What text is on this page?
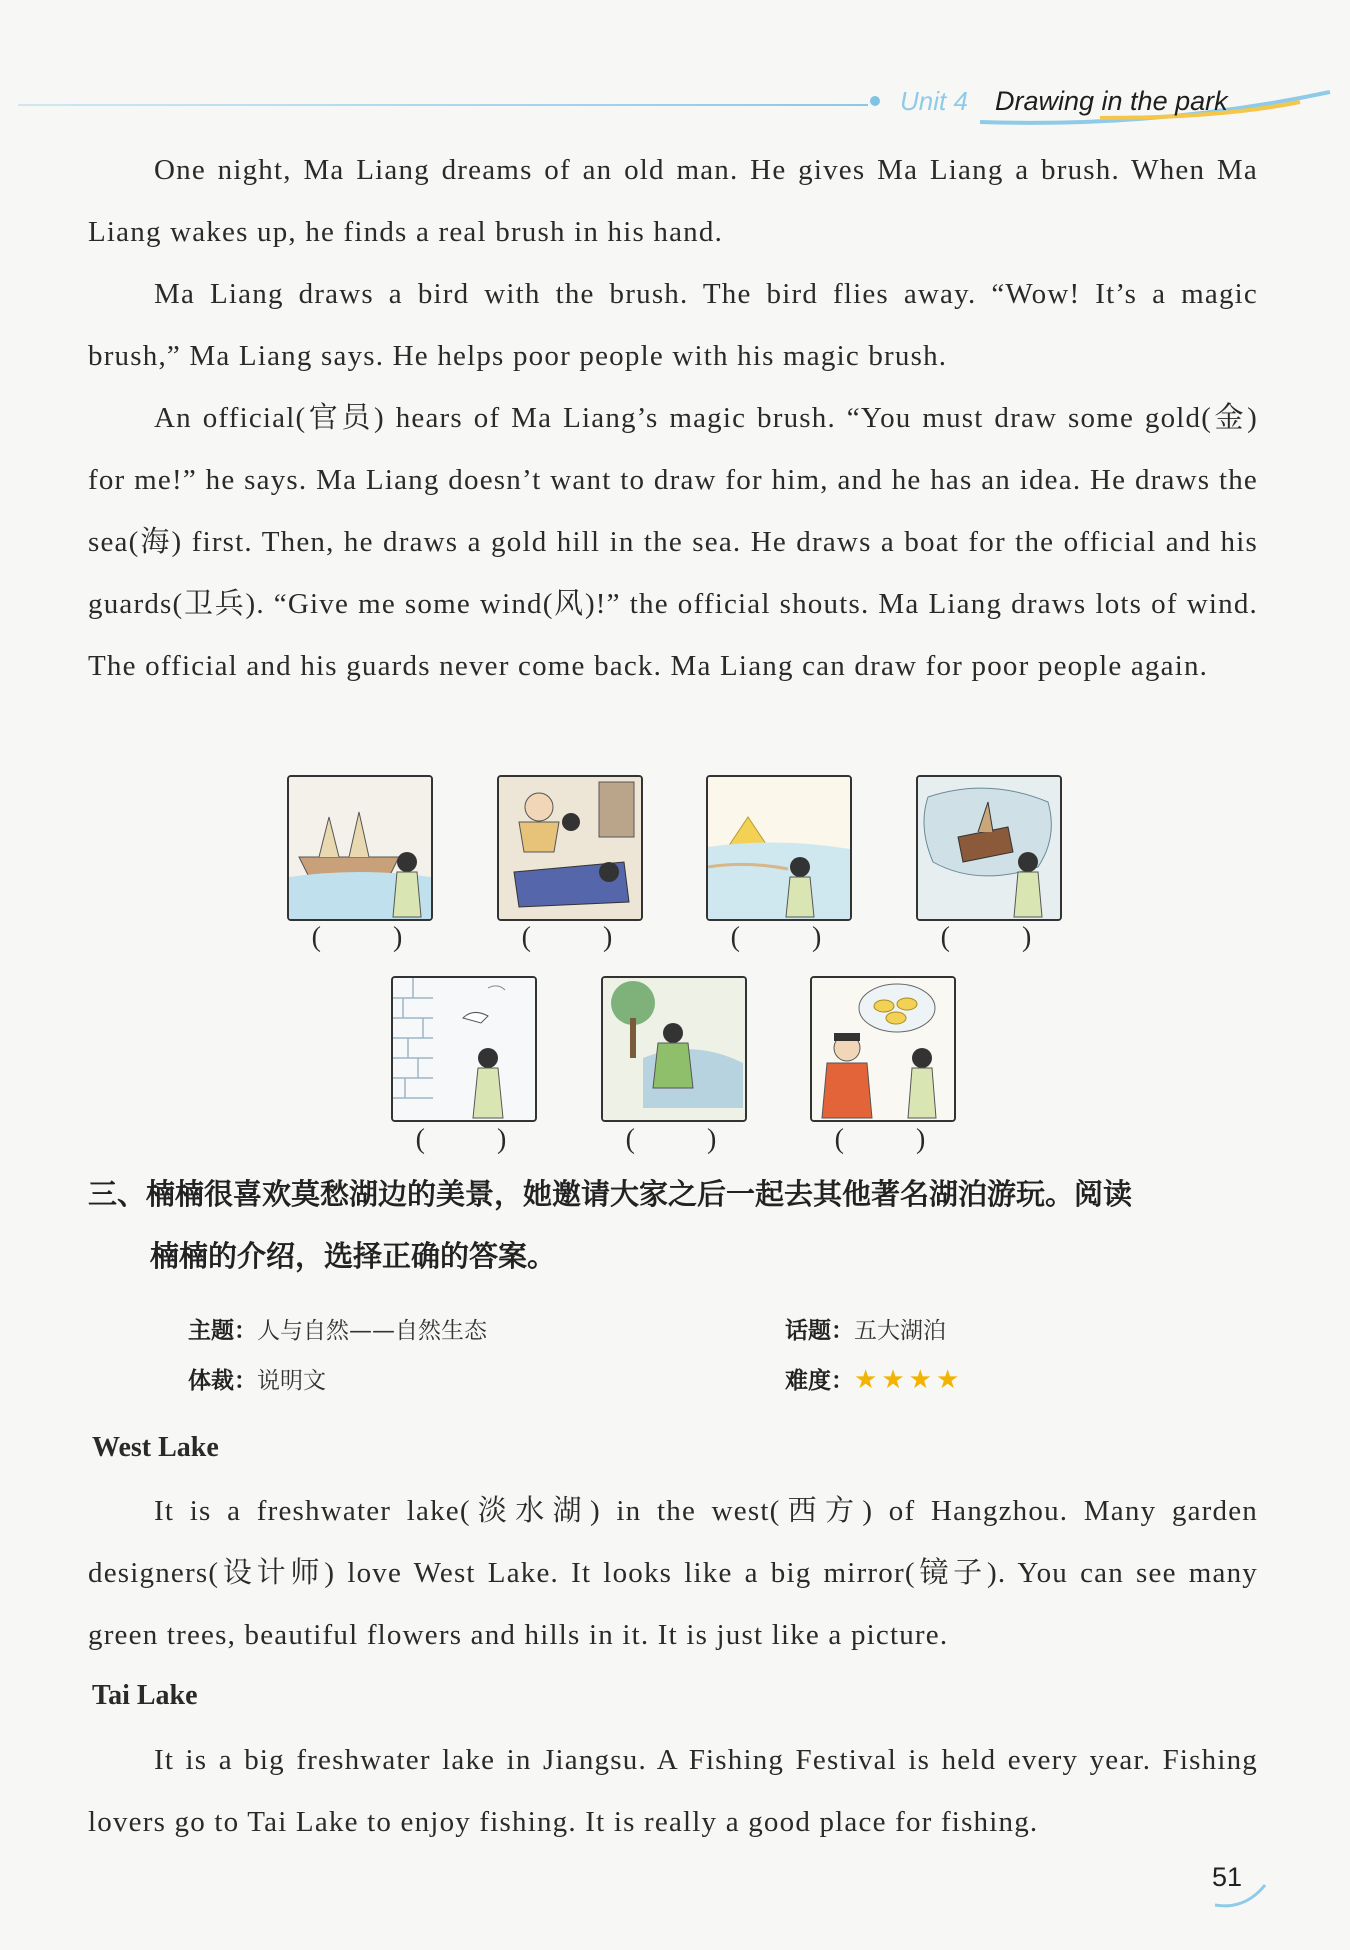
Unit 4 Drawing in the park
One night, Ma Liang dreams of an old man. He gives Ma Liang a brush. When Ma Liang wakes up, he finds a real brush in his hand.
Ma Liang draws a bird with the brush. The bird flies away. “Wow! It’s a magic brush,” Ma Liang says. He helps poor people with his magic brush.
An official(官员) hears of Ma Liang’s magic brush. “You must draw some gold(金) for me!” he says. Ma Liang doesn’t want to draw for him, and he has an idea. He draws the sea(海) first. Then, he draws a gold hill in the sea. He draws a boat for the official and his guards(卫兵). “Give me some wind(风)!” the official shouts. Ma Liang draws lots of wind. The official and his guards never come back. Ma Liang can draw for poor people again.
(	)	(	)	(	)	(	)
(	)	(	)	(	)
三、楠楠很喜欢莫愁湖边的美景，她邀请大家之后一起去其他著名湖泊游玩。阅读
楠楠的介绍，选择正确的答案。
主题：人与自然——自然生态	话题：五大湖泊
体裁：说明文	难度：★ ★ ★ ★
West Lake
It is a freshwater lake(淡水湖) in the west(西方) of Hangzhou. Many garden designers(设计师) love West Lake. It looks like a big mirror(镜子). You can see many green trees, beautiful flowers and hills in it. It is just like a picture.
Tai Lake
It is a big freshwater lake in Jiangsu. A Fishing Festival is held every year. Fishing lovers go to Tai Lake to enjoy fishing. It is really a good place for fishing.
51
